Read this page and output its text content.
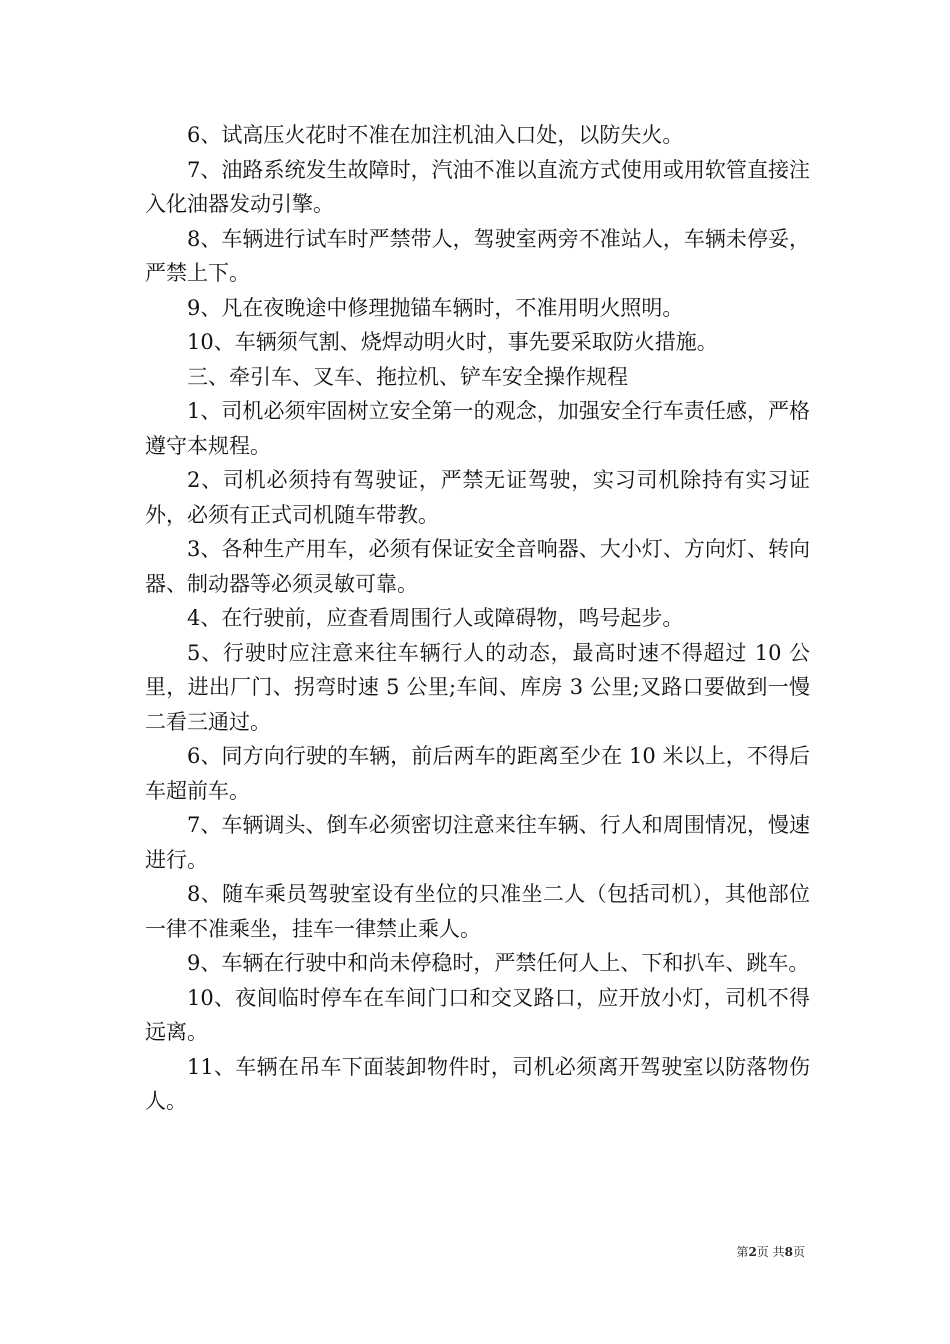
6、试高压火花时不准在加注机油入口处，以防失火。

7、油路系统发生故障时，汽油不准以直流方式使用或用软管直接注入化油器发动引擎。

8、车辆进行试车时严禁带人，驾驶室两旁不准站人，车辆未停妥，严禁上下。

9、凡在夜晚途中修理抛锚车辆时，不准用明火照明。

10、车辆须气割、烧焊动明火时，事先要采取防火措施。

三、牵引车、叉车、拖拉机、铲车安全操作规程

1、司机必须牢固树立安全第一的观念，加强安全行车责任感，严格遵守本规程。

2、司机必须持有驾驶证，严禁无证驾驶，实习司机除持有实习证外，必须有正式司机随车带教。

3、各种生产用车，必须有保证安全音响器、大小灯、方向灯、转向器、制动器等必须灵敏可靠。

4、在行驶前，应查看周围行人或障碍物，鸣号起步。

5、行驶时应注意来往车辆行人的动态，最高时速不得超过 10 公里，进出厂门、拐弯时速 5 公里;车间、库房 3 公里;叉路口要做到一慢二看三通过。

6、同方向行驶的车辆，前后两车的距离至少在 10 米以上，不得后车超前车。

7、车辆调头、倒车必须密切注意来往车辆、行人和周围情况，慢速进行。

8、随车乘员驾驶室设有坐位的只准坐二人（包括司机），其他部位一律不准乘坐，挂车一律禁止乘人。

9、车辆在行驶中和尚未停稳时，严禁任何人上、下和扒车、跳车。

10、夜间临时停车在车间门口和交叉路口，应开放小灯，司机不得远离。

11、车辆在吊车下面装卸物件时，司机必须离开驾驶室以防落物伤人。

第2页 共8页
